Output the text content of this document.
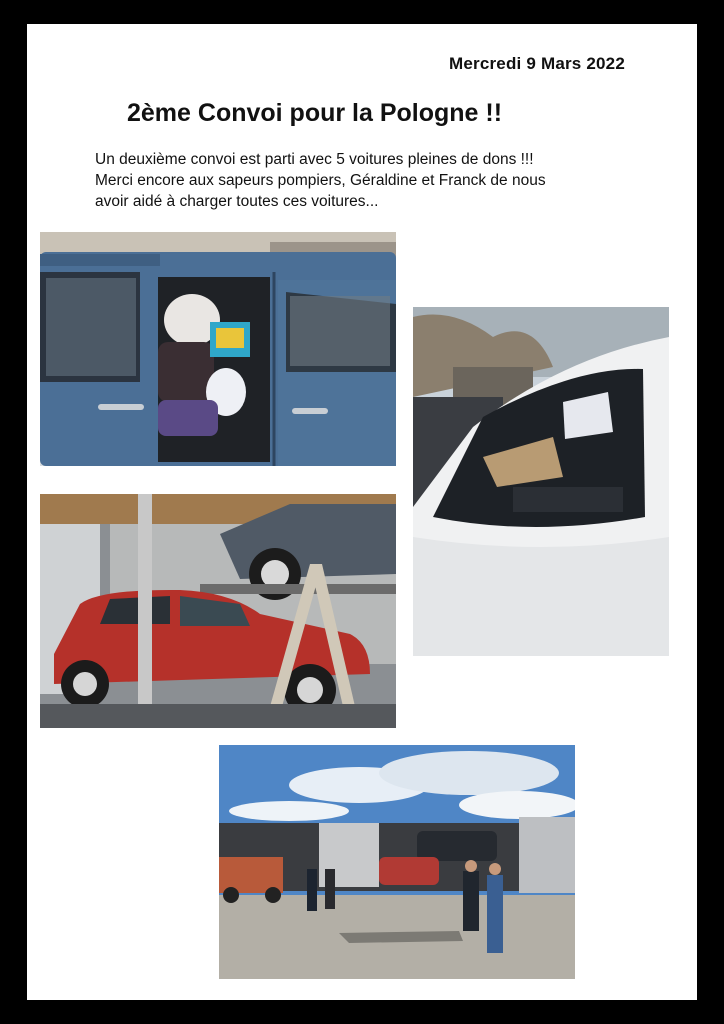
Mercredi 9 Mars 2022
2ème Convoi pour la Pologne !!
Un deuxième convoi est parti avec 5 voitures pleines de dons !!!
Merci encore aux sapeurs pompiers, Géraldine et Franck de nous
avoir aidé à charger toutes ces voitures...
